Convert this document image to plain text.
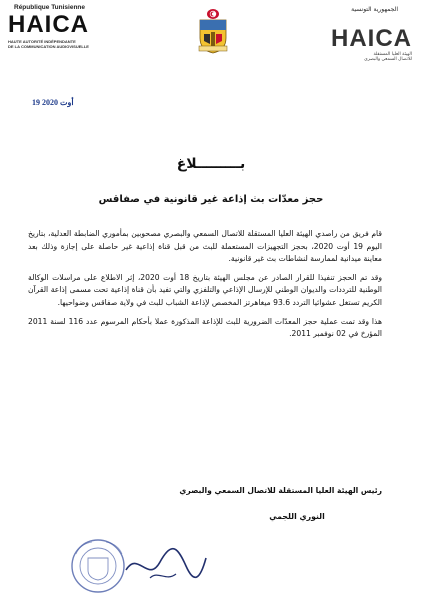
République Tunisienne
HAICA
HAUTE AUTORITÉ INDÉPENDANTE
DE LA COMMUNICATION AUDIOVISUELLE
الجمهورية التونسية
HAICA
الهيئة العليا المستقلة
للاتصال السمعي والبصري
19 أوت 2020
بـــــــــلاغ
حجز معدّات بث إذاعة غير قانونية في صفاقس

قام فريق من راصدي الهيئة العليا المستقلة للاتصال السمعي والبصري مصحوبين بمأموري الضابطة العدلية، بتاريخ اليوم 19 أوت 2020، بحجز التجهيزات المستعملة للبث من قبل قناة إذاعية غير حاصلة على إجازة وذلك بعد معاينة ميدانية لممارسة لنشاطات بث غير قانونية.

وقد تم الحجز تنفيذا للقرار الصادر عن مجلس الهيئة بتاريخ 18 أوت 2020، إثر الاطلاع على مراسلات الوكالة الوطنية للترددات والديوان الوطني للإرسال الإذاعي والتلفزي والتي تفيد بأن قناة إذاعية تحت مسمى إذاعة القرآن الكريم تستغل عشوائيا التردد 93.6 ميغاهرتز المخصص لإذاعة الشباب للبث في ولاية صفاقس وضواحيها.

هذا وقد تمت عملية حجز المعدّات الضرورية للبث للإذاعة المذكورة عملا بأحكام المرسوم عدد 116 لسنة 2011 المؤرخ في 02 نوفمبر 2011.

رئيس الهيئة العليا المستقلة للاتصال السمعي والبصري
النوري اللجمي
